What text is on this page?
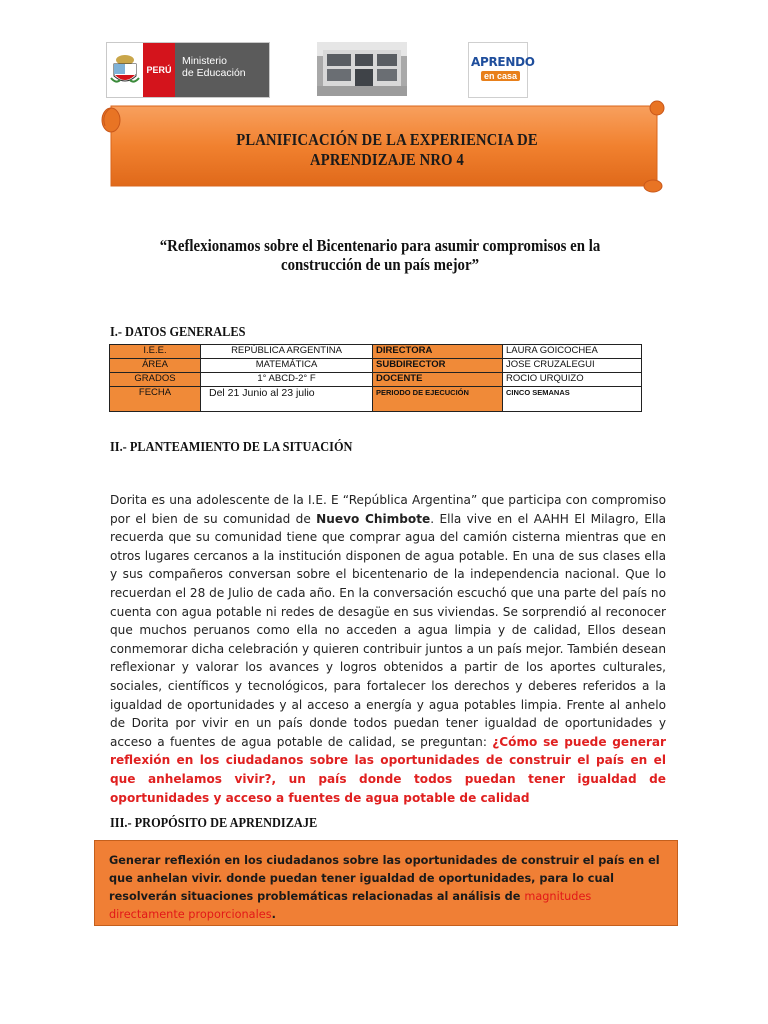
PERÚ
Ministerio
de Educación
APRENDO
en casa
PLANIFICACIÓN DE LA EXPERIENCIA DE APRENDIZAJE NRO 4
“Reflexionamos sobre el Bicentenario para asumir compromisos en la construcción de un país mejor”
I.- DATOS GENERALES
I.E.E.	REPÚBLICA ARGENTINA	DIRECTORA	LAURA GOICOCHEA
ÁREA	MATEMÁTICA	SUBDIRECTOR	JOSE CRUZALEGUI
GRADOS	1° ABCD-2° F	DOCENTE	ROCIO URQUIZO
FECHA	Del 21 Junio al 23 julio	PERIODO DE EJECUCIÓN	CINCO SEMANAS
II.- PLANTEAMIENTO DE LA SITUACIÓN
Dorita es una adolescente de la I.E. E “República Argentina” que participa con compromiso por el bien de su comunidad de Nuevo Chimbote. Ella vive en el AAHH El Milagro, Ella recuerda que su comunidad tiene que comprar agua del camión cisterna mientras que en otros lugares cercanos a la institución disponen de agua potable. En una de sus clases ella y sus compañeros conversan sobre el bicentenario de la independencia nacional. Que lo recuerdan el 28 de Julio de cada año. En la conversación escuchó que una parte del país no cuenta con agua potable ni redes de desagüe en sus viviendas. Se sorprendió al reconocer que muchos peruanos como ella no acceden a agua limpia y de calidad, Ellos desean conmemorar dicha celebración y quieren contribuir juntos a un país mejor. También desean reflexionar y valorar los avances y logros obtenidos a partir de los aportes culturales, sociales, científicos y tecnológicos, para fortalecer los derechos y deberes referidos a la igualdad de oportunidades y al acceso a energía y agua potables limpia. Frente al anhelo de Dorita por vivir en un país donde todos puedan tener igualdad de oportunidades y acceso a fuentes de agua potable de calidad, se preguntan: ¿Cómo se puede generar reflexión en los ciudadanos sobre las oportunidades de construir el país en el que anhelamos vivir?, un país donde todos puedan tener igualdad de oportunidades y acceso a fuentes de agua potable de calidad
III.- PROPÓSITO DE APRENDIZAJE
Generar reflexión en los ciudadanos sobre las oportunidades de construir el país en el que anhelan vivir. donde puedan tener igualdad de oportunidades, para lo cual resolverán situaciones problemáticas relacionadas al análisis de magnitudes directamente proporcionales.
